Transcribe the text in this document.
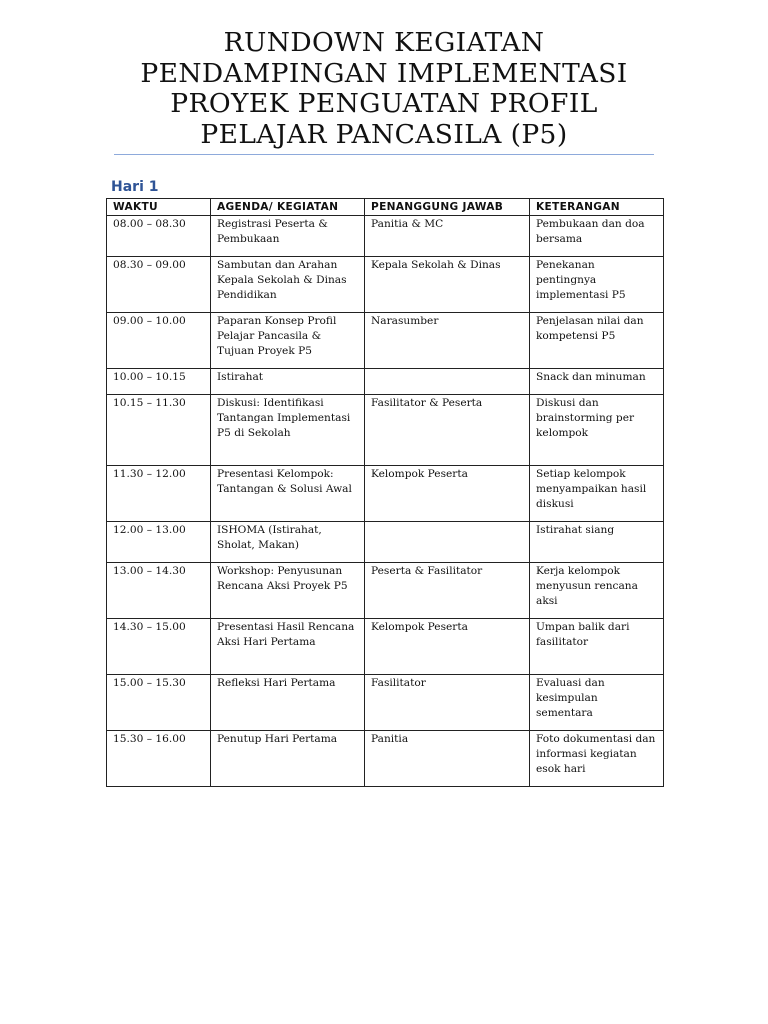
RUNDOWN KEGIATAN
PENDAMPINGAN IMPLEMENTASI
PROYEK PENGUATAN PROFIL
PELAJAR PANCASILA (P5)
Hari 1
WAKTU	AGENDA/ KEGIATAN	PENANGGUNG JAWAB	KETERANGAN
08.00 – 08.30	Registrasi Peserta & Pembukaan	Panitia & MC	Pembukaan dan doa bersama
08.30 – 09.00	Sambutan dan Arahan Kepala Sekolah & Dinas Pendidikan	Kepala Sekolah & Dinas	Penekanan pentingnya implementasi P5
09.00 – 10.00	Paparan Konsep Profil Pelajar Pancasila & Tujuan Proyek P5	Narasumber	Penjelasan nilai dan kompetensi P5
10.00 – 10.15	Istirahat		Snack dan minuman
10.15 – 11.30	Diskusi: Identifikasi Tantangan Implementasi P5 di Sekolah	Fasilitator & Peserta	Diskusi dan brainstorming per kelompok
11.30 – 12.00	Presentasi Kelompok: Tantangan & Solusi Awal	Kelompok Peserta	Setiap kelompok menyampaikan hasil diskusi
12.00 – 13.00	ISHOMA (Istirahat, Sholat, Makan)		Istirahat siang
13.00 – 14.30	Workshop: Penyusunan Rencana Aksi Proyek P5	Peserta & Fasilitator	Kerja kelompok menyusun rencana aksi
14.30 – 15.00	Presentasi Hasil Rencana Aksi Hari Pertama	Kelompok Peserta	Umpan balik dari fasilitator
15.00 – 15.30	Refleksi Hari Pertama	Fasilitator	Evaluasi dan kesimpulan sementara
15.30 – 16.00	Penutup Hari Pertama	Panitia	Foto dokumentasi dan informasi kegiatan esok hari
